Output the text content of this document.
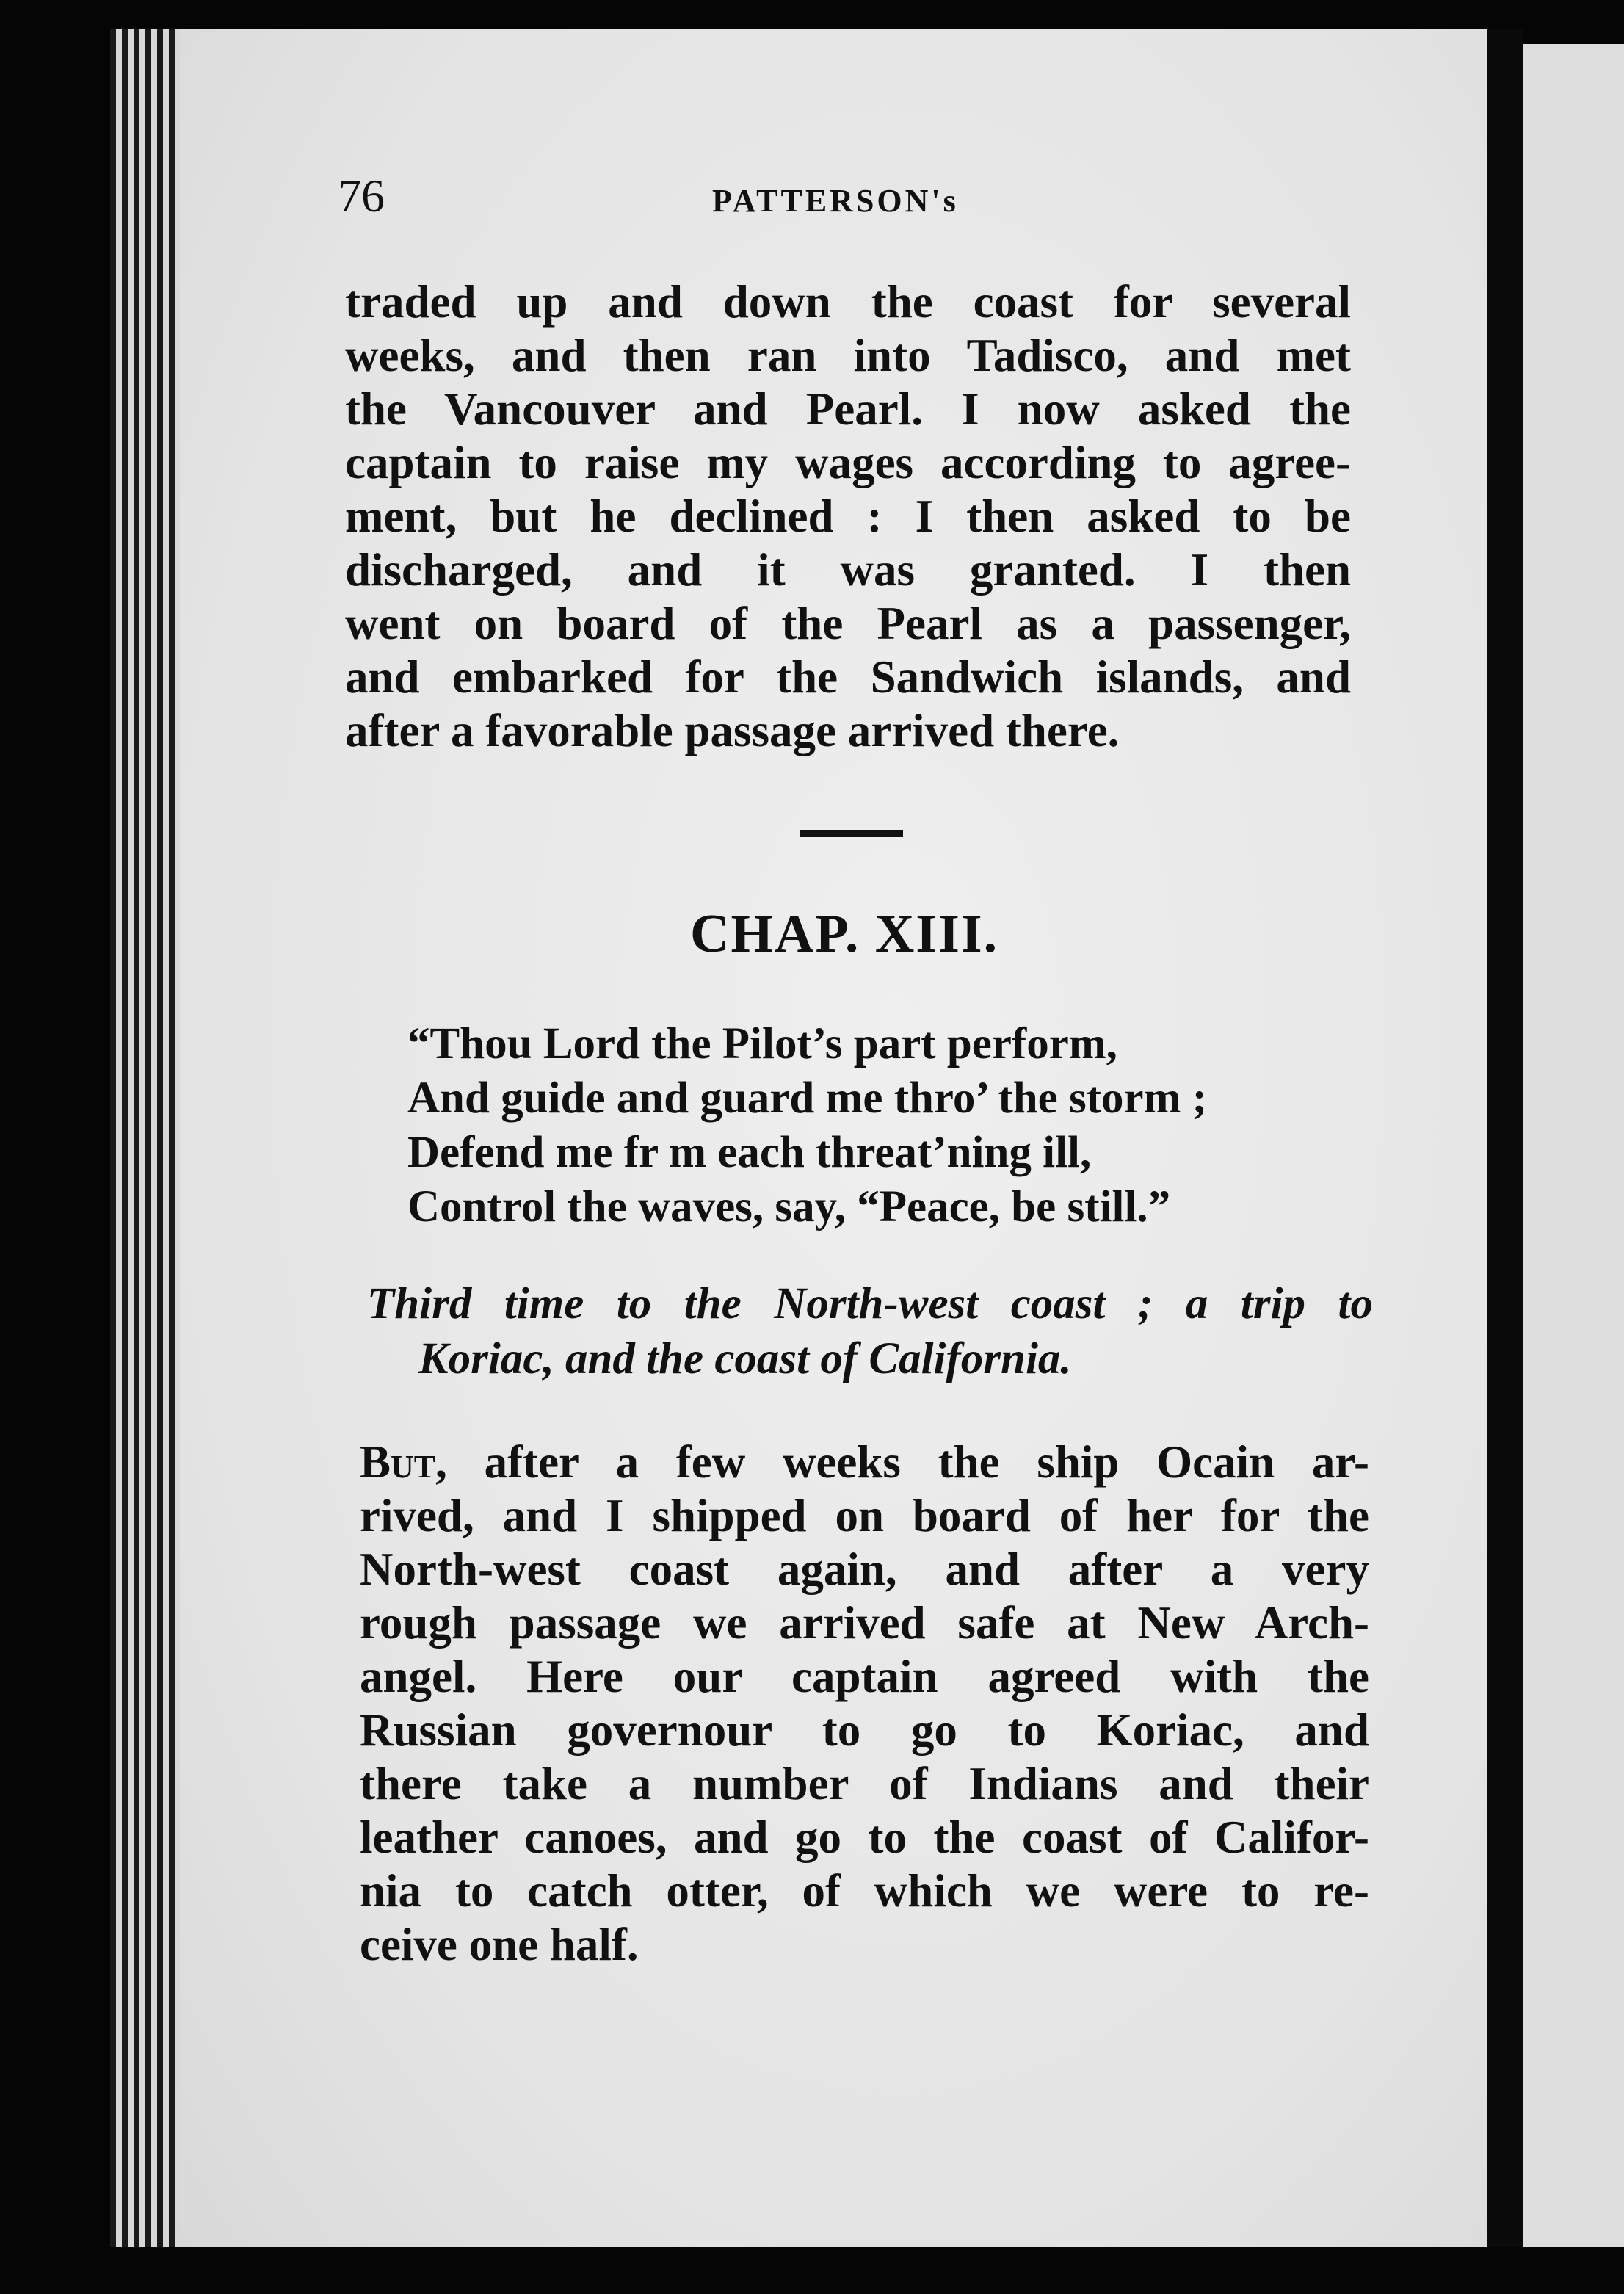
76	PATTERSON's
traded up and down the coast for several
weeks, and then ran into Tadisco, and met
the Vancouver and Pearl. I now asked the
captain to raise my wages according to agree-
ment, but he declined : I then asked to be
discharged, and it was granted. I then
went on board of the Pearl as a passenger,
and embarked for the Sandwich islands, and
after a favorable passage arrived there.
CHAP. XIII.
“Thou Lord the Pilot’s part perform,
And guide and guard me thro’ the storm ;
Defend me fr m each threat’ning ill,
Control the waves, say, “Peace, be still.”
Third time to the North-west coast ; a trip to
Koriac, and the coast of California.
But, after a few weeks the ship Ocain ar-
rived, and I shipped on board of her for the
North-west coast again, and after a very
rough passage we arrived safe at New Arch-
angel. Here our captain agreed with the
Russian governour to go to Koriac, and
there take a number of Indians and their
leather canoes, and go to the coast of Califor-
nia to catch otter, of which we were to re-
ceive one half.
